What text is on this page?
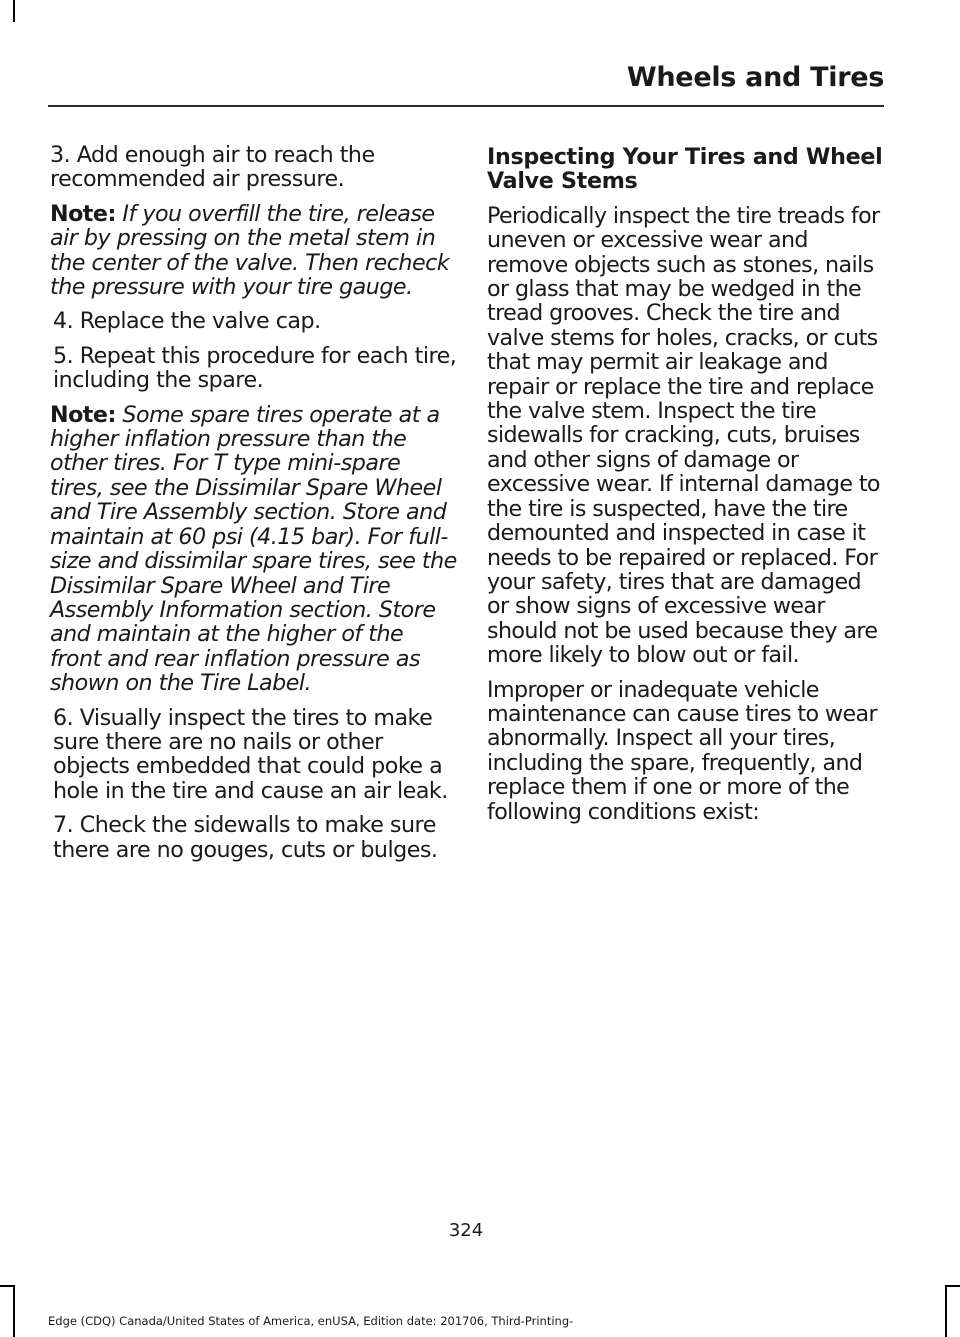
Wheels and Tires

3. Add enough air to reach the recommended air pressure.

Note: If you overfill the tire, release air by pressing on the metal stem in the center of the valve. Then recheck the pressure with your tire gauge.

4. Replace the valve cap.

5. Repeat this procedure for each tire, including the spare.

Note: Some spare tires operate at a higher inflation pressure than the other tires. For T type mini-spare tires, see the Dissimilar Spare Wheel and Tire Assembly section. Store and maintain at 60 psi (4.15 bar). For full-size and dissimilar spare tires, see the Dissimilar Spare Wheel and Tire Assembly Information section. Store and maintain at the higher of the front and rear inflation pressure as shown on the Tire Label.

6. Visually inspect the tires to make sure there are no nails or other objects embedded that could poke a hole in the tire and cause an air leak.

7. Check the sidewalls to make sure there are no gouges, cuts or bulges.

Inspecting Your Tires and Wheel Valve Stems

Periodically inspect the tire treads for uneven or excessive wear and remove objects such as stones, nails or glass that may be wedged in the tread grooves. Check the tire and valve stems for holes, cracks, or cuts that may permit air leakage and repair or replace the tire and replace the valve stem. Inspect the tire sidewalls for cracking, cuts, bruises and other signs of damage or excessive wear. If internal damage to the tire is suspected, have the tire demounted and inspected in case it needs to be repaired or replaced. For your safety, tires that are damaged or show signs of excessive wear should not be used because they are more likely to blow out or fail.

Improper or inadequate vehicle maintenance can cause tires to wear abnormally. Inspect all your tires, including the spare, frequently, and replace them if one or more of the following conditions exist:

324
Edge (CDQ) Canada/United States of America, enUSA, Edition date: 201706, Third-Printing-
